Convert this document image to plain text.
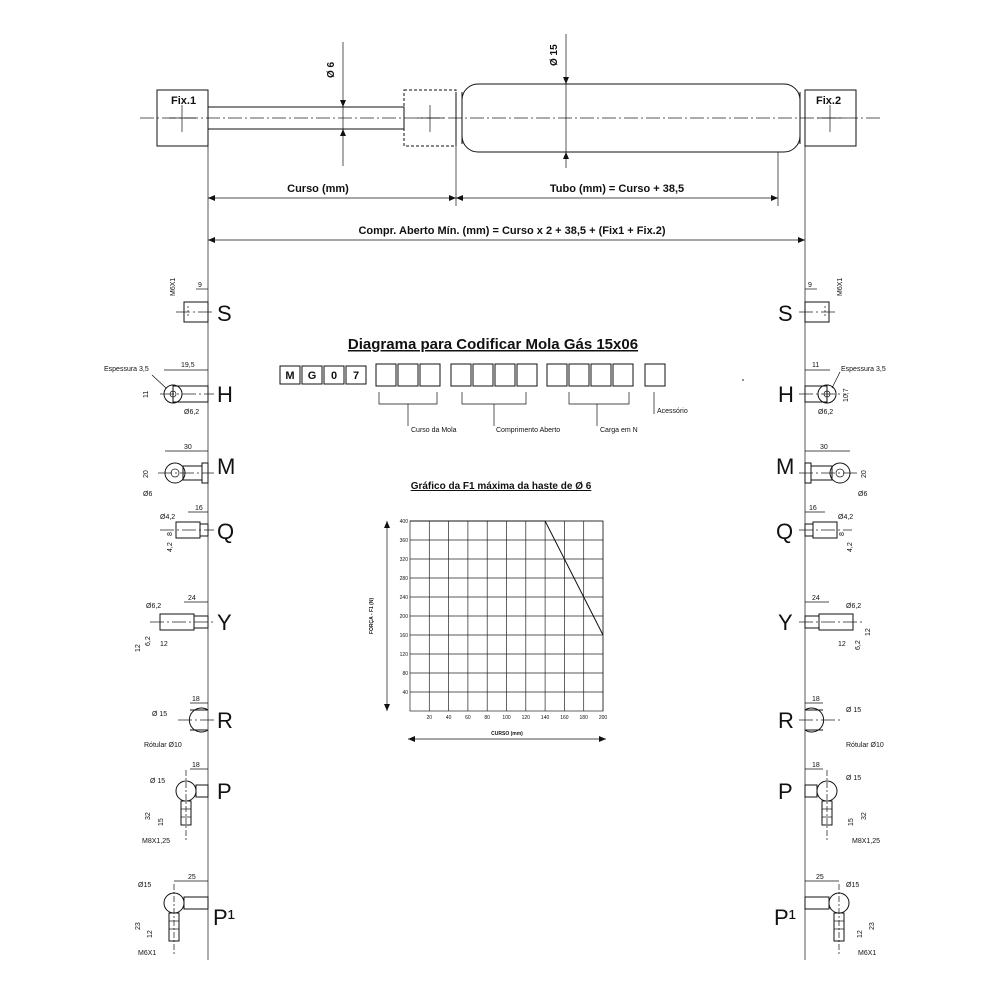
Fix.1	Fix.2
Ø 6
Ø 15
Curso (mm)	Tubo (mm) = Curso + 38,5
Compr. Aberto Mín. (mm) = Curso x 2 + 38,5 + (Fix1 + Fix.2)
9
M6X1
S
19,5
Espessura 3,5
11
Ø6,2
H
30
20
Ø6
M
16
Ø4,2
8
4,2
Q
24
Ø6,2
12
6,2 12
Y
18
Ø 15
Rótular Ø10
R
18
Ø 15
32
15
M8X1,25
P
25
Ø15
23
12
M6X1
P¹
9	M6X1
S
11
Espessura 3,5
10,7
Ø6,2
H
30
20
Ø6
M
16
Ø4,2
8
4,2
Q
24
Ø6,2
12
6,2
12
Y
18
Ø 15
Rótular Ø10
R
18
Ø 15
32
15
M8X1,25
P
25
Ø15
23
12
M6X1
P¹
Diagrama para Codificar Mola Gás 15x06
M G 0 7
Curso da Mola	Comprimento Aberto	Carga em N
Acessório
Gráfico da F1 máxima da haste de Ø 6
20	40	60	80 100 120 140 160 180 200
40
80
120
160
200
240
280
320
360
400
CURSO (mm)
FORÇA - F1 (N)
